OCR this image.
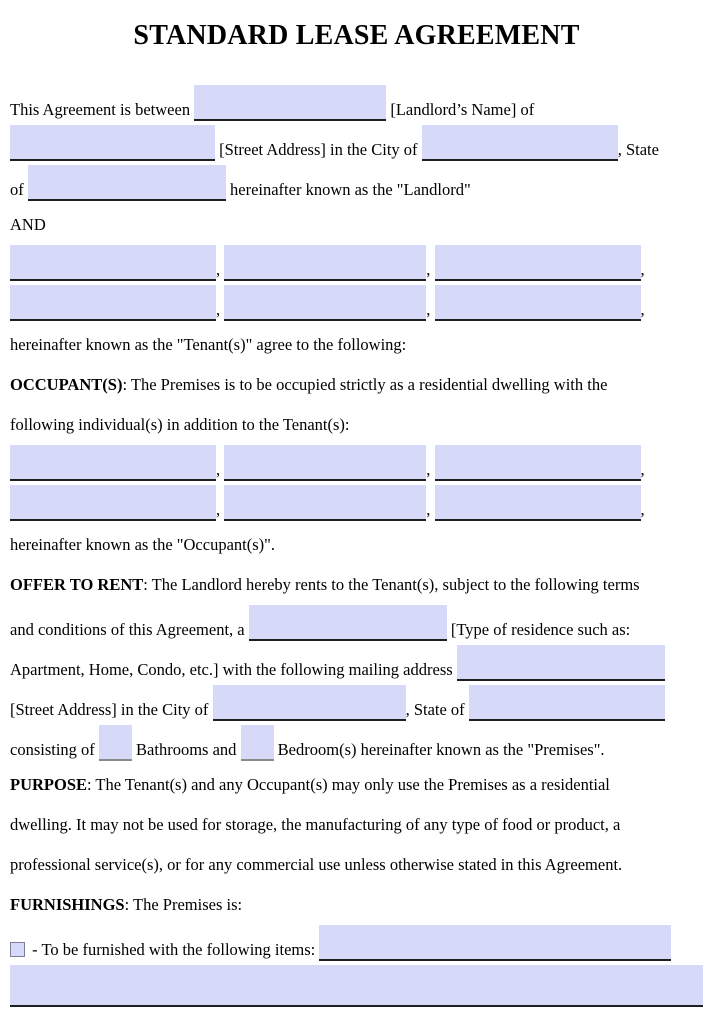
STANDARD LEASE AGREEMENT
This Agreement is between	[Landlord’s Name] of
[Street Address] in the City of	, State
of	hereinafter known as the "Landlord"
AND
,	,	,
,	,	,
hereinafter known as the "Tenant(s)" agree to the following:
OCCUPANT(S): The Premises is to be occupied strictly as a residential dwelling with the
following individual(s) in addition to the Tenant(s):
,	,	,
,	,	,
hereinafter known as the "Occupant(s)".
OFFER TO RENT: The Landlord hereby rents to the Tenant(s), subject to the following terms
and conditions of this Agreement, a	[Type of residence such as:
Apartment, Home, Condo, etc.] with the following mailing address
[Street Address] in the City of	, State of
consisting of  Bathrooms and  Bedroom(s) hereinafter known as the "Premises".
PURPOSE: The Tenant(s) and any Occupant(s) may only use the Premises as a residential
dwelling. It may not be used for storage, the manufacturing of any type of food or product, a
professional service(s), or for any commercial use unless otherwise stated in this Agreement.
FURNISHINGS: The Premises is:
- To be furnished with the following items:
